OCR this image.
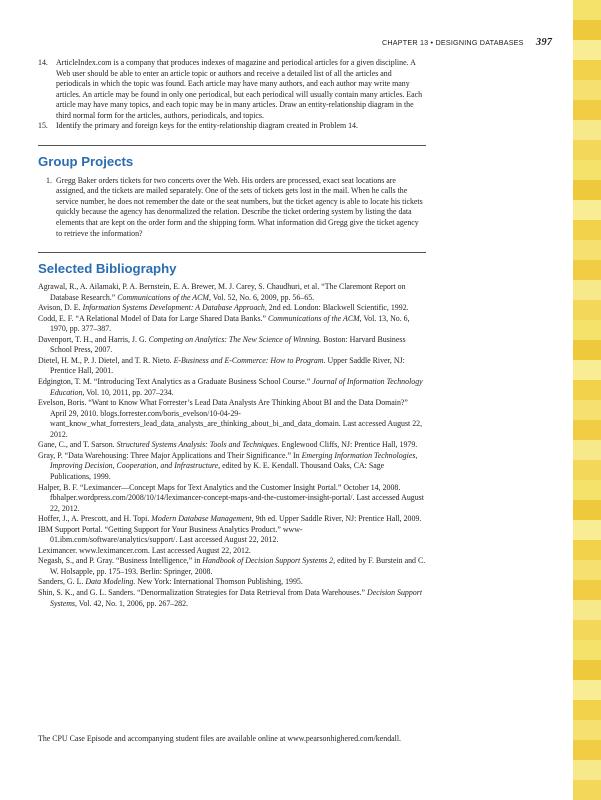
CHAPTER 13 • DESIGNING DATABASES 397
14. ArticleIndex.com is a company that produces indexes of magazine and periodical articles for a given discipline. A Web user should be able to enter an article topic or authors and receive a detailed list of all the articles and periodicals in which the topic was found. Each article may have many authors, and each author may write many articles. An article may be found in only one periodical, but each periodical will usually contain many articles. Each article may have many topics, and each topic may be in many articles. Draw an entity-relationship diagram in the third normal form for the articles, authors, periodicals, and topics.
15. Identify the primary and foreign keys for the entity-relationship diagram created in Problem 14.
Group Projects
1. Gregg Baker orders tickets for two concerts over the Web. His orders are processed, exact seat locations are assigned, and the tickets are mailed separately. One of the sets of tickets gets lost in the mail. When he calls the service number, he does not remember the date or the seat numbers, but the ticket agency is able to locate his tickets quickly because the agency has denormalized the relation. Describe the ticket ordering system by listing the data elements that are kept on the order form and the shipping form. What information did Gregg give the ticket agency to retrieve the information?
Selected Bibliography

Agrawal, R., A. Ailamaki, P. A. Bernstein, E. A. Brewer, M. J. Carey, S. Chaudhuri, et al. “The Claremont Report on Database Research.” Communications of the ACM, Vol. 52, No. 6, 2009, pp. 56–65.

Avison, D. E. Information Systems Development: A Database Approach, 2nd ed. London: Blackwell Scientific, 1992.

Codd, E. F. “A Relational Model of Data for Large Shared Data Banks.” Communications of the ACM, Vol. 13, No. 6, 1970, pp. 377–387.

Davenport, T. H., and Harris, J. G. Competing on Analytics: The New Science of Winning. Boston: Harvard Business School Press, 2007.

Dietel, H. M., P. J. Dietel, and T. R. Nieto. E-Business and E-Commerce: How to Program. Upper Saddle River, NJ: Prentice Hall, 2001.

Edgington, T. M. “Introducing Text Analytics as a Graduate Business School Course.” Journal of Information Technology Education, Vol. 10, 2011, pp. 207–234.

Evelson, Boris. “Want to Know What Forrester’s Lead Data Analysts Are Thinking About BI and the Data Domain?” April 29, 2010. blogs.forrester.com/boris_evelson/10-04-29-want_know_what_forresters_lead_data_analysts_are_thinking_about_bi_and_data_domain. Last accessed August 22, 2012.

Gane, C., and T. Sarson. Structured Systems Analysis: Tools and Techniques. Englewood Cliffs, NJ: Prentice Hall, 1979.

Gray, P. “Data Warehousing: Three Major Applications and Their Significance.” In Emerging Information Technologies, Improving Decision, Cooperation, and Infrastructure, edited by K. E. Kendall. Thousand Oaks, CA: Sage Publications, 1999.

Halper, B. F. “Leximancer—Concept Maps for Text Analytics and the Customer Insight Portal.” October 14, 2008. fbhalper.wordpress.com/2008/10/14/leximancer-concept-maps-and-the-customer-insight-portal/. Last accessed August 22, 2012.

Hoffer, J., A. Prescott, and H. Topi. Modern Database Management, 9th ed. Upper Saddle River, NJ: Prentice Hall, 2009.

IBM Support Portal. “Getting Support for Your Business Analytics Product.” www-01.ibm.com/software/analytics/support/. Last accessed August 22, 2012.

Leximancer. www.leximancer.com. Last accessed August 22, 2012.

Negash, S., and P. Gray. “Business Intelligence,” in Handbook of Decision Support Systems 2, edited by F. Burstein and C. W. Holsapple, pp. 175–193. Berlin: Springer, 2008.

Sanders, G. L. Data Modeling. New York: International Thomson Publishing, 1995.

Shin, S. K., and G. L. Sanders. “Denormalization Strategies for Data Retrieval from Data Warehouses.” Decision Support Systems, Vol. 42, No. 1, 2006, pp. 267–282.

The CPU Case Episode and accompanying student files are available online at www.pearsonhighered.com/kendall.
